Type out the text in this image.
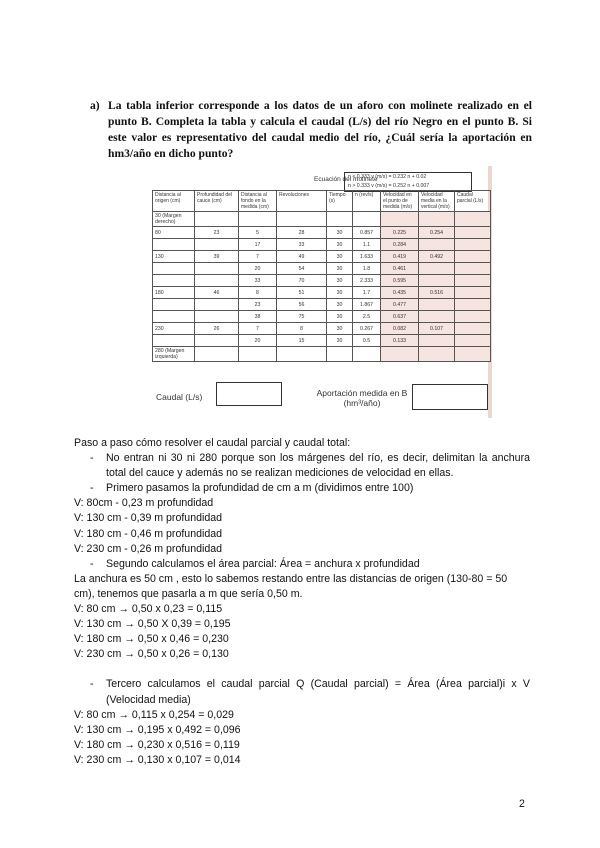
a) La tabla inferior corresponde a los datos de un aforo con molinete realizado en el punto B. Completa la tabla y calcula el caudal (L/s) del río Negro en el punto B. Si este valor es representativo del caudal medio del río, ¿Cuál sería la aportación en hm3/año en dicho punto?
Ecuación del molinete
n < 0.333 v (m/s) = 0.232 n + 0.02
n > 0.333 v (m/s) = 0.252 n + 0.007
Distancia al origen (cm)	Profundidad del cauce (cm)	Distancia al fondo en la medida (cm)	Revoluciones	Tiempo (s)	n (rev/s)	Velocidad en el punto de medida (m/s)	Velocidad media en la vertical (m/s)	Caudal parcial (L/s)
30 (Margen derecho)								
80	23	5	28	30	0.857	0.225	0.254	
		17	33	30	1.1	0.284		
130	39	7	49	30	1.633	0.419	0.492	
		20	54	30	1.8	0.461		
		33	70	30	2.333	0.595		
180	46	8	51	30	1.7	0.435	0.516	
		23	56	30	1.867	0.477		
		38	75	30	2.5	0.637		
230	26	7	8	30	0.267	0.082	0.107	
		20	15	30	0.5	0.133		
280 (Margen izquierda)								
Caudal (L/s)	Aportación medida en B
(hm³/año)

Paso a paso cómo resolver el caudal parcial y caudal total:

- No entran ni 30 ni 280 porque son los márgenes del río, es decir, delimitan la anchura total del cauce y además no se realizan mediciones de velocidad en ellas.

- Primero pasamos la profundidad de cm a m (dividimos entre 100)

V: 80cm - 0,23 m profundidad

V: 130 cm - 0,39 m profundidad

V: 180 cm - 0,46 m profundidad

V: 230 cm - 0,26 m profundidad

- Segundo calculamos el área parcial: Área = anchura x profundidad

La anchura es 50 cm , esto lo sabemos restando entre las distancias de origen (130-80 = 50 cm), tenemos que pasarla a m que sería 0,50 m.

V: 80 cm → 0,50 x 0,23 = 0,115

V: 130 cm → 0,50 X 0,39 = 0,195

V: 180 cm → 0,50 x 0,46 = 0,230

V: 230 cm → 0,50 x 0,26 = 0,130

- Tercero calculamos el caudal parcial Q (Caudal parcial) = Área (Área parcial)i x V (Velocidad media)

V: 80 cm → 0,115 x 0,254 = 0,029

V: 130 cm → 0,195 x 0,492 = 0,096

V: 180 cm → 0,230 x 0,516 = 0,119

V: 230 cm → 0,130 x 0,107 = 0,014

2
